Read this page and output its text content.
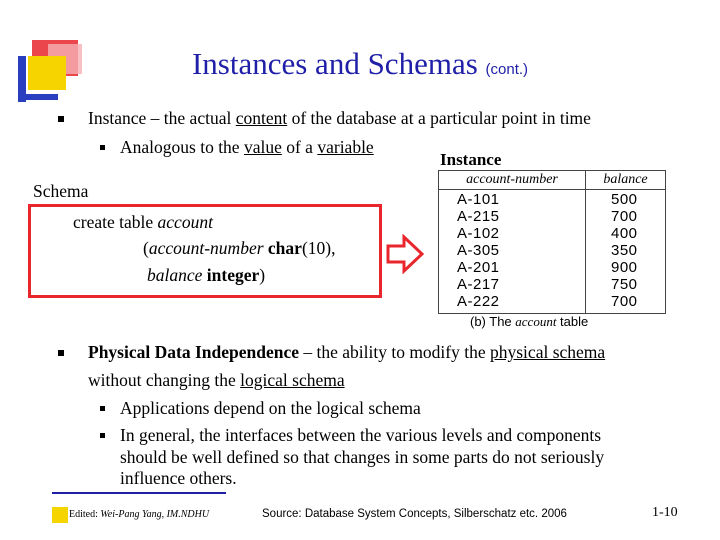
Instances and Schemas (cont.)
Instance – the actual content of the database at a particular point in time
Analogous to the value of a variable
Instance
Schema
create table account
(account-number char(10),
balance integer)
account-number	balance
A-101	500
A-215	700
A-102	400
A-305	350
A-201	900
A-217	750
A-222	700
(b) The account table
Physical Data Independence – the ability to modify the physical schema
without changing the logical schema
Applications depend on the logical schema
In general, the interfaces between the various levels and components
should be well defined so that changes in some parts do not seriously
influence others.
Edited: Wei-Pang Yang, IM.NDHU	Source: Database System Concepts, Silberschatz etc. 2006	1-10
